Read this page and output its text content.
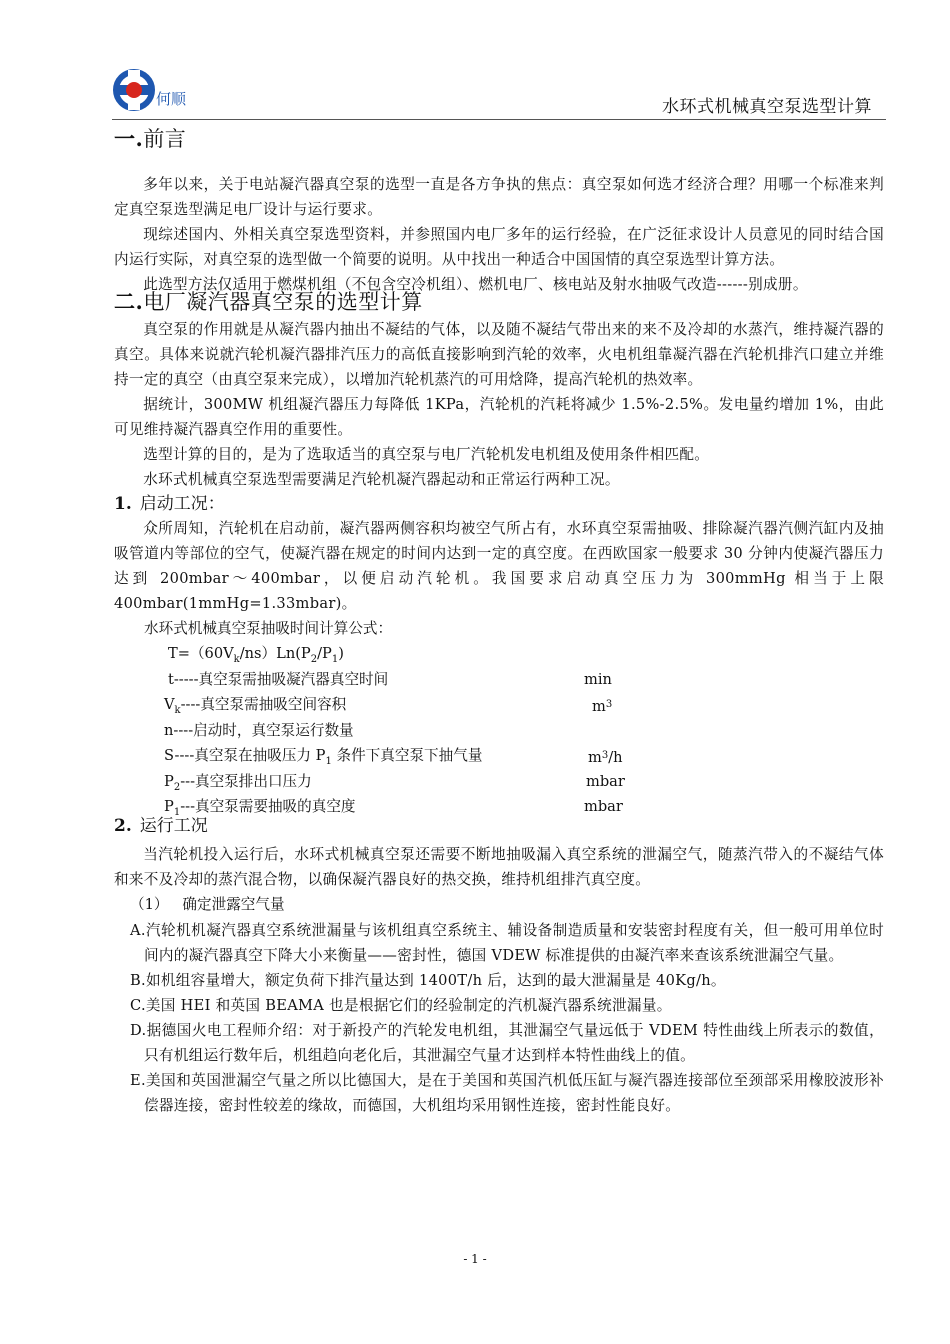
何顺	水环式机械真空泵选型计算
一.前言

多年以来，关于电站凝汽器真空泵的选型一直是各方争执的焦点：真空泵如何选才经济合理？用哪一个标准来判定真空泵选型满足电厂设计与运行要求。

现综述国内、外相关真空泵选型资料，并参照国内电厂多年的运行经验，在广泛征求设计人员意见的同时结合国内运行实际，对真空泵的选型做一个简要的说明。从中找出一种适合中国国情的真空泵选型计算方法。

此选型方法仅适用于燃煤机组（不包含空冷机组）、燃机电厂、核电站及射水抽吸气改造------别成册。

二.电厂凝汽器真空泵的选型计算

真空泵的作用就是从凝汽器内抽出不凝结的气体，以及随不凝结气带出来的来不及冷却的水蒸汽，维持凝汽器的真空。具体来说就汽轮机凝汽器排汽压力的高低直接影响到汽轮的效率，火电机组靠凝汽器在汽轮机排汽口建立并维持一定的真空（由真空泵来完成），以增加汽轮机蒸汽的可用焓降，提高汽轮机的热效率。

据统计，300MW 机组凝汽器压力每降低 1KPa，汽轮机的汽耗将减少 1.5%-2.5%。发电量约增加 1%，由此可见维持凝汽器真空作用的重要性。

选型计算的目的，是为了选取适当的真空泵与电厂汽轮机发电机组及使用条件相匹配。

水环式机械真空泵选型需要满足汽轮机凝汽器起动和正常运行两种工况。

1. 启动工况：

众所周知，汽轮机在启动前，凝汽器两侧容积均被空气所占有，水环真空泵需抽吸、排除凝汽器汽侧汽缸内及抽吸管道内等部位的空气，使凝汽器在规定的时间内达到一定的真空度。在西欧国家一般要求 30 分钟内使凝汽器压力达到 200mbar～400mbar，以便启动汽轮机。我国要求启动真空压力为 300mmHg 相当于上限 400mbar(1mmHg=1.33mbar)。

水环式机械真空泵抽吸时间计算公式：
$T=(60V_k/ns)Ln(P_2/P_1)$
t-----真空泵需抽吸凝汽器真空时间	min
$V_k----$真空泵需抽吸空间容积	$m^3$
n----启动时，真空泵运行数量
S----真空泵在抽吸压力 $P_1$ 条件下真空泵下抽气量	$m^3/h$
$P_2---$真空泵排出口压力	mbar
$P_1---$真空泵需要抽吸的真空度	mbar
2. 运行工况

当汽轮机投入运行后，水环式机械真空泵还需要不断地抽吸漏入真空系统的泄漏空气，随蒸汽带入的不凝结气体和来不及冷却的蒸汽混合物，以确保凝汽器良好的热交换，维持机组排汽真空度。

（1） 确定泄露空气量
A.汽轮机机凝汽器真空系统泄漏量与该机组真空系统主、辅设备制造质量和安装密封程度有关，但一般可用单位时间内的凝汽器真空下降大小来衡量——密封性，德国 VDEW 标准提供的由凝汽率来查该系统泄漏空气量。
B.如机组容量增大，额定负荷下排汽量达到 1400T/h 后，达到的最大泄漏量是 40Kg/h。
C.美国 HEI 和英国 BEAMA 也是根据它们的经验制定的汽机凝汽器系统泄漏量。
D.据德国火电工程师介绍：对于新投产的汽轮发电机组，其泄漏空气量远低于 VDEM 特性曲线上所表示的数值，只有机组运行数年后，机组趋向老化后，其泄漏空气量才达到样本特性曲线上的值。
E.美国和英国泄漏空气量之所以比德国大，是在于美国和英国汽机低压缸与凝汽器连接部位至颈部采用橡胶波形补偿器连接，密封性较差的缘故，而德国，大机组均采用钢性连接，密封性能良好。
- 1 -
